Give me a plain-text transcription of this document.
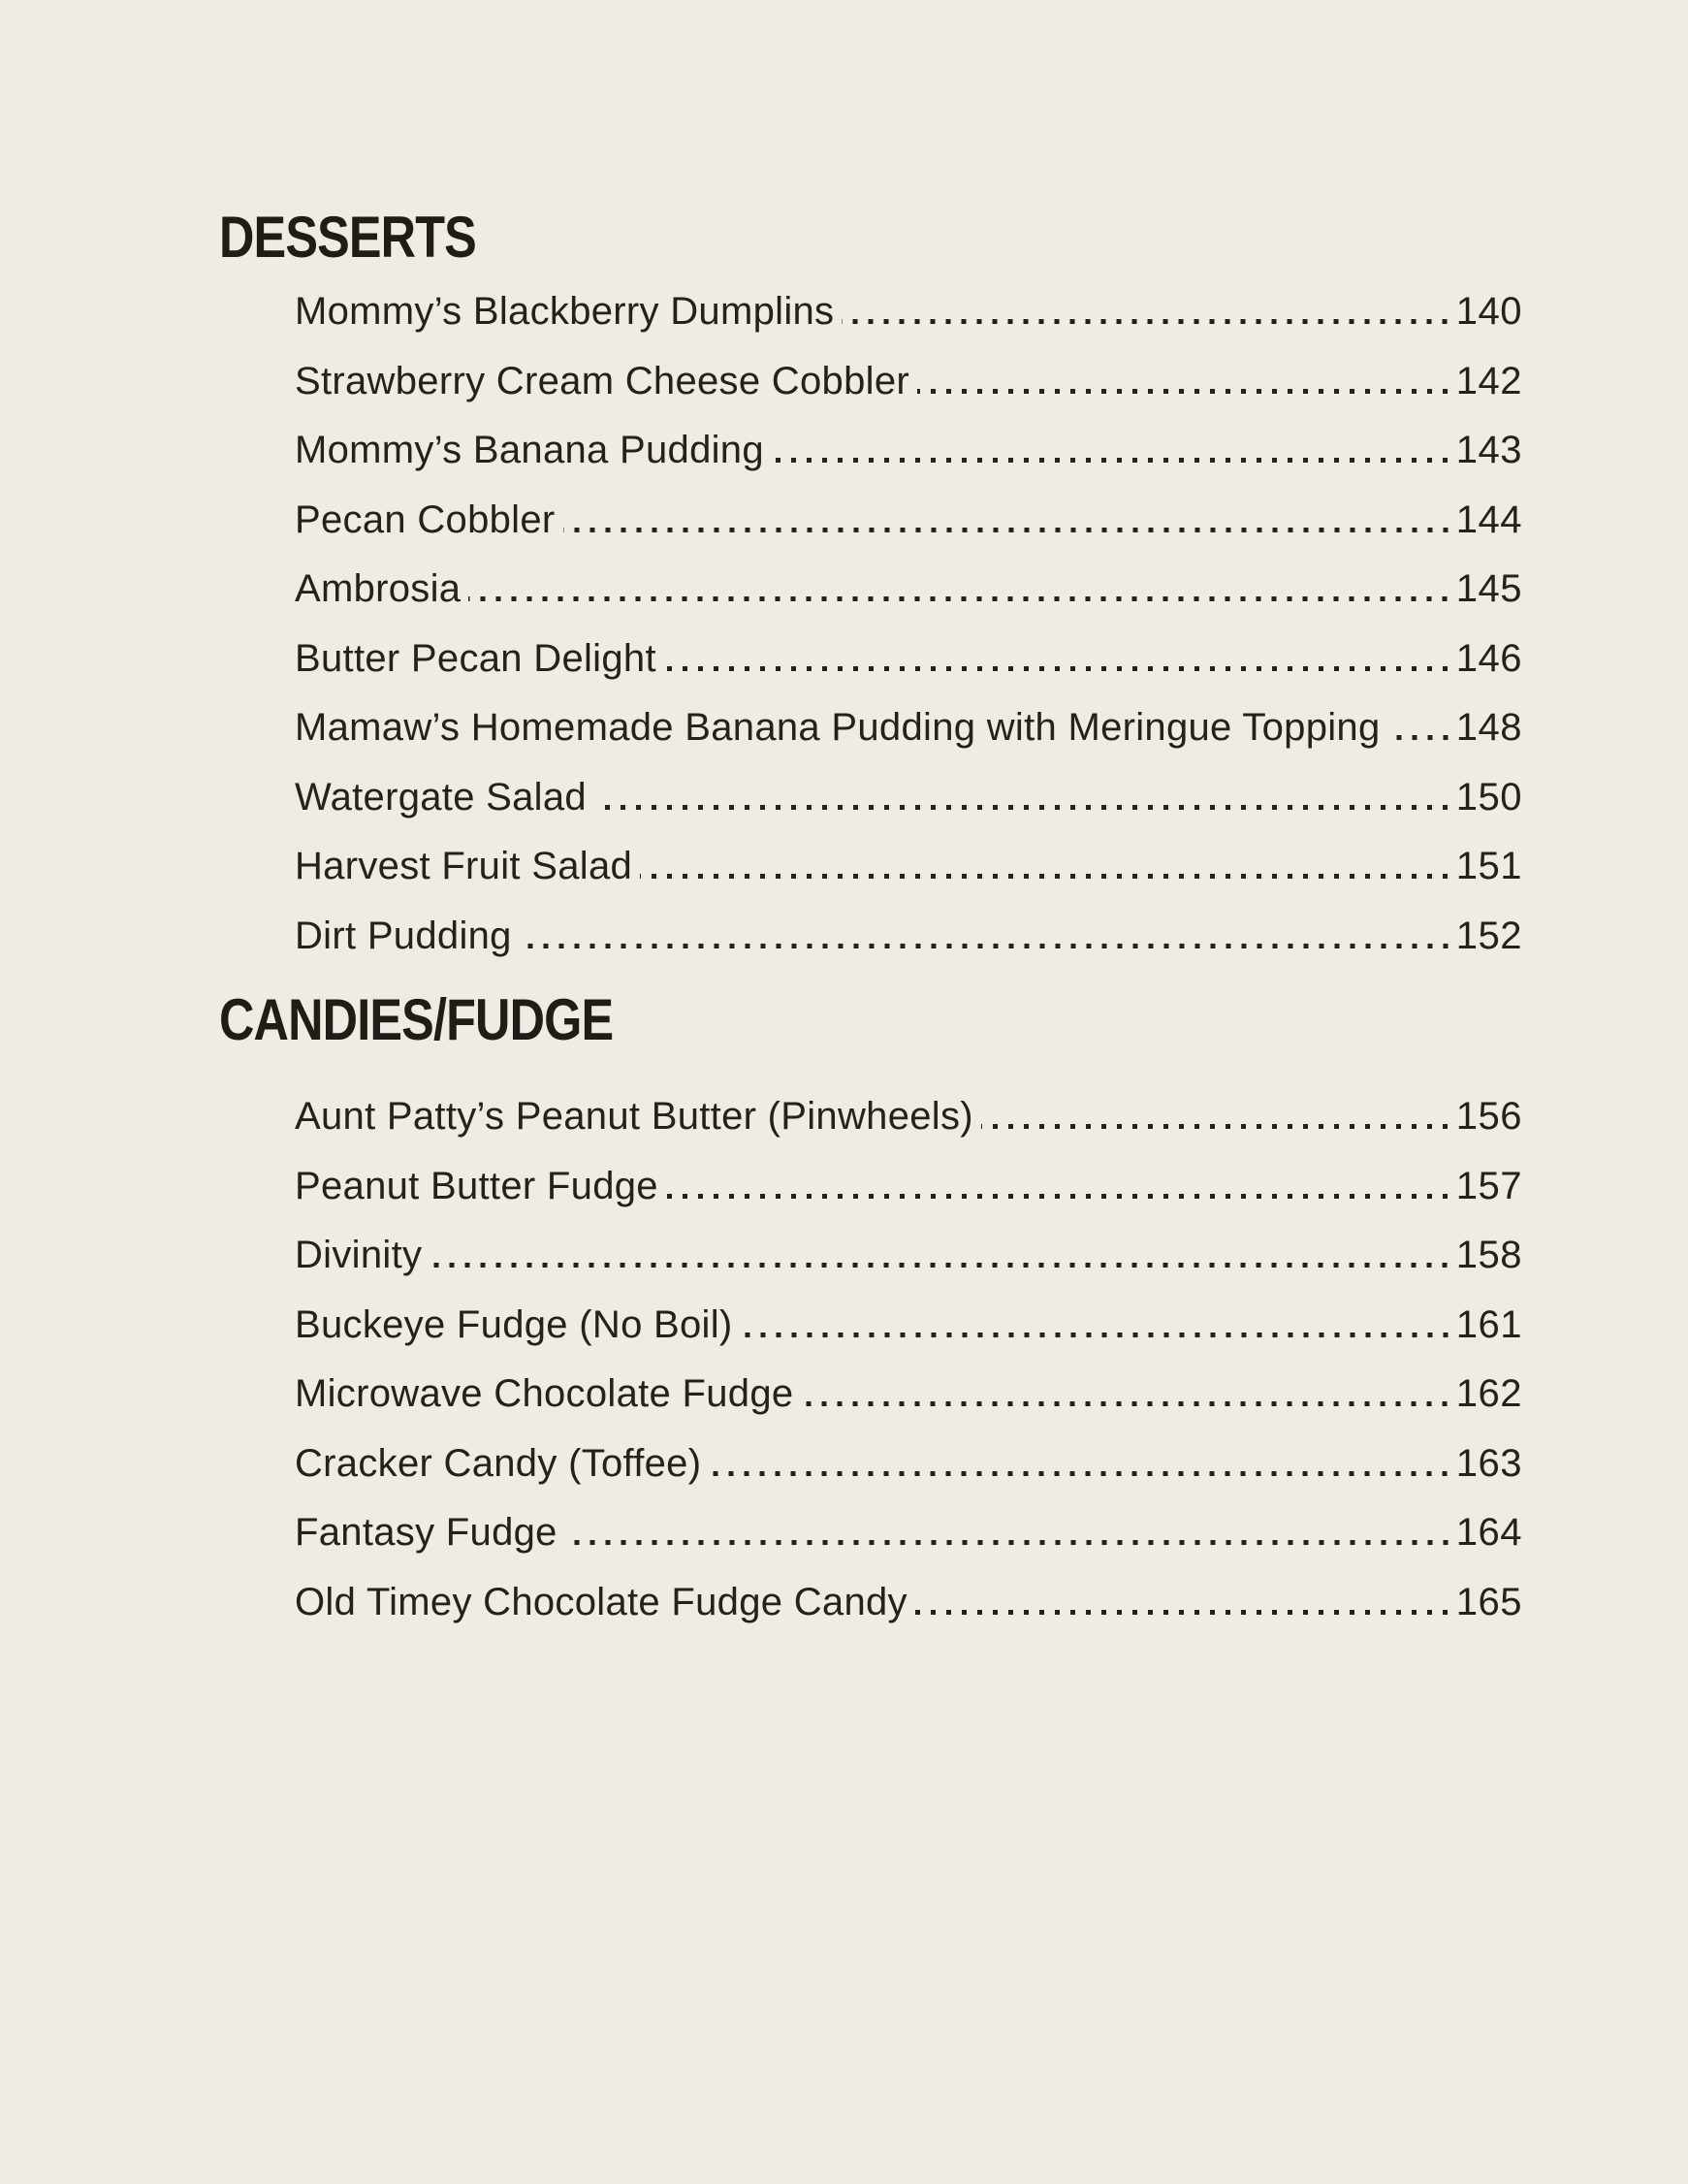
DESSERTS
Mommy’s Blackberry Dumplins	140
Strawberry Cream Cheese Cobbler	142
Mommy’s Banana Pudding	143
Pecan Cobbler	144
Ambrosia	145
Butter Pecan Delight	146
Mamaw’s Homemade Banana Pudding with Meringue Topping 148
Watergate Salad	150
Harvest Fruit Salad	151
Dirt Pudding	152
CANDIES/FUDGE
Aunt Patty’s Peanut Butter (Pinwheels)	156
Peanut Butter Fudge	157
Divinity	158
Buckeye Fudge (No Boil)	161
Microwave Chocolate Fudge	162
Cracker Candy (Toffee)	163
Fantasy Fudge	164
Old Timey Chocolate Fudge Candy	165
